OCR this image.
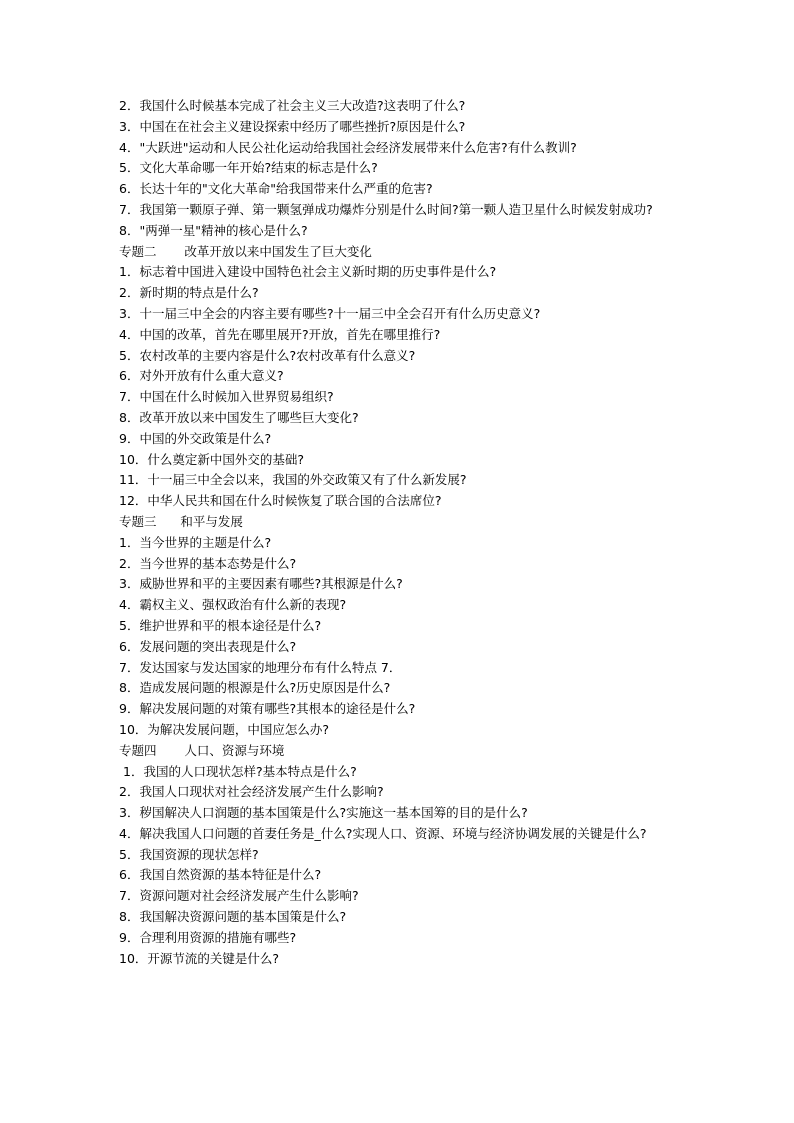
2．我国什么时候基本完成了社会主义三大改造?这表明了什么?
3．中国在在社会主义建设探索中经历了哪些挫折?原因是什么?
4．"大跃进"运动和人民公社化运动给我国社会经济发展带来什么危害?有什么教训?
5．文化大革命哪一年开始?结束的标志是什么?
6．长达十年的"文化大革命"给我国带来什么严重的危害?
7．我国第一颗原子弹、第一颗氢弹成功爆炸分别是什么时间?第一颗人造卫星什么时候发射成功?
8．"两弹一星"精神的核心是什么?
专题二       改革开放以来中国发生了巨大变化
1．标志着中国进入建设中国特色社会主义新时期的历史事件是什么?
2．新时期的特点是什么?
3．十一届三中全会的内容主要有哪些?十一届三中全会召开有什么历史意义?
4．中国的改革，首先在哪里展开?开放，首先在哪里推行?
5．农村改革的主要内容是什么?农村改革有什么意义?
6．对外开放有什么重大意义?
7．中国在什么时候加入世界贸易组织?
8．改革开放以来中国发生了哪些巨大变化?
9．中国的外交政策是什么?
10．什么奠定新中国外交的基础?
11．十一届三中全会以来，我国的外交政策又有了什么新发展?
12．中华人民共和国在什么时候恢复了联合国的合法席位?
专题三      和平与发展
1．当今世界的主题是什么?
2．当今世界的基本态势是什么?
3．威胁世界和平的主要因素有哪些?其根源是什么?
4．霸权主义、强权政治有什么新的表现?
5．维护世界和平的根本途径是什么?
6．发展问题的突出表现是什么?
7．发达国家与发达国家的地理分布有什么特点 7．
8．造成发展问题的根源是什么?历史原因是什么?
9．解决发展问题的对策有哪些?其根本的途径是什么?
10．为解决发展问题，中国应怎么办?
专题四       人口、资源与环境
1．我国的人口现状怎样?基本特点是什么?
2．我国人口现状对社会经济发展产生什么影响?
3．秽国解决人口润题的基本国策是什么?实施这一基本国筹的目的是什么?
4．解决我国人口问题的首妻任务是_什么?实现人口、资源、环境与经济协调发展的关键是什么?
5．我国资源的现状怎样?
6．我国自然资源的基本特征是什么?
7．资源问题对社会经济发展产生什么影响?
8．我国解决资源问题的基本国策是什么?
9．合理利用资源的措施有哪些?
10．开源节流的关键是什么?
